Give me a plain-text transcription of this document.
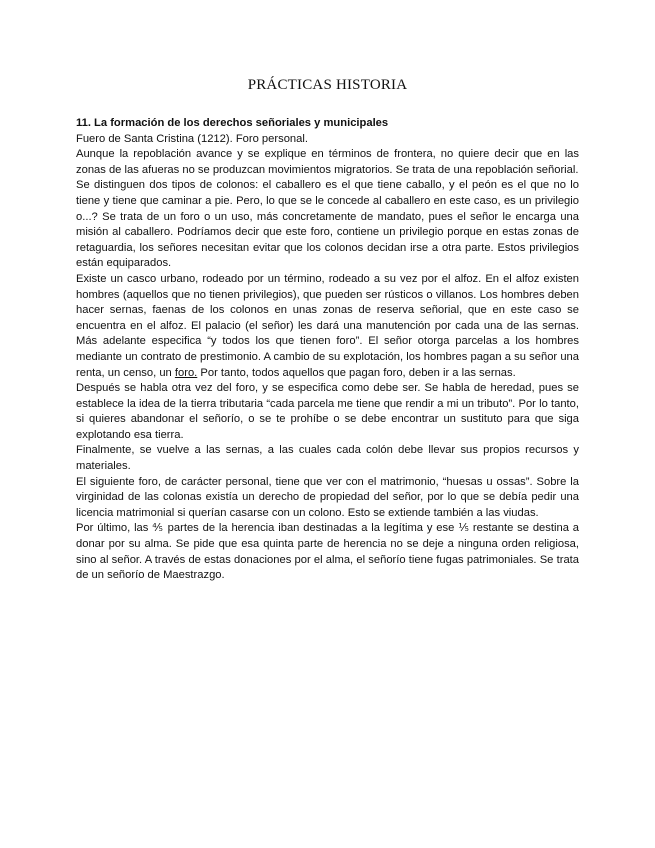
PRÁCTICAS HISTORIA
11. La formación de los derechos señoriales y municipales
Fuero de Santa Cristina (1212). Foro personal.

Aunque la repoblación avance y se explique en términos de frontera, no quiere decir que en las zonas de las afueras no se produzcan movimientos migratorios. Se trata de una repoblación señorial.

Se distinguen dos tipos de colonos: el caballero es el que tiene caballo, y el peón es el que no lo tiene y tiene que caminar a pie. Pero, lo que se le concede al caballero en este caso, es un privilegio o...? Se trata de un foro o un uso, más concretamente de mandato, pues el señor le encarga una misión al caballero. Podríamos decir que este foro, contiene un privilegio porque en estas zonas de retaguardia, los señores necesitan evitar que los colonos decidan irse a otra parte. Estos privilegios están equiparados.

Existe un casco urbano, rodeado por un término, rodeado a su vez por el alfoz. En el alfoz existen hombres (aquellos que no tienen privilegios), que pueden ser rústicos o villanos. Los hombres deben hacer sernas, faenas de los colonos en unas zonas de reserva señorial, que en este caso se encuentra en el alfoz. El palacio (el señor) les dará una manutención por cada una de las sernas. Más adelante especifica “y todos los que tienen foro”. El señor otorga parcelas a los hombres mediante un contrato de prestimonio. A cambio de su explotación, los hombres pagan a su señor una renta, un censo, un foro. Por tanto, todos aquellos que pagan foro, deben ir a las sernas.

Después se habla otra vez del foro, y se especifica como debe ser. Se habla de heredad, pues se establece la idea de la tierra tributaria “cada parcela me tiene que rendir a mi un tributo”. Por lo tanto, si quieres abandonar el señorío, o se te prohíbe o se debe encontrar un sustituto para que siga explotando esa tierra.

Finalmente, se vuelve a las sernas, a las cuales cada colón debe llevar sus propios recursos y materiales.

El siguiente foro, de carácter personal, tiene que ver con el matrimonio, “huesas u ossas”. Sobre la virginidad de las colonas existía un derecho de propiedad del señor, por lo que se debía pedir una licencia matrimonial si querían casarse con un colono. Esto se extiende también a las viudas.

Por último, las ⅘ partes de la herencia iban destinadas a la legítima y ese ⅕ restante se destina a donar por su alma. Se pide que esa quinta parte de herencia no se deje a ninguna orden religiosa, sino al señor. A través de estas donaciones por el alma, el señorío tiene fugas patrimoniales. Se trata de un señorío de Maestrazgo.
